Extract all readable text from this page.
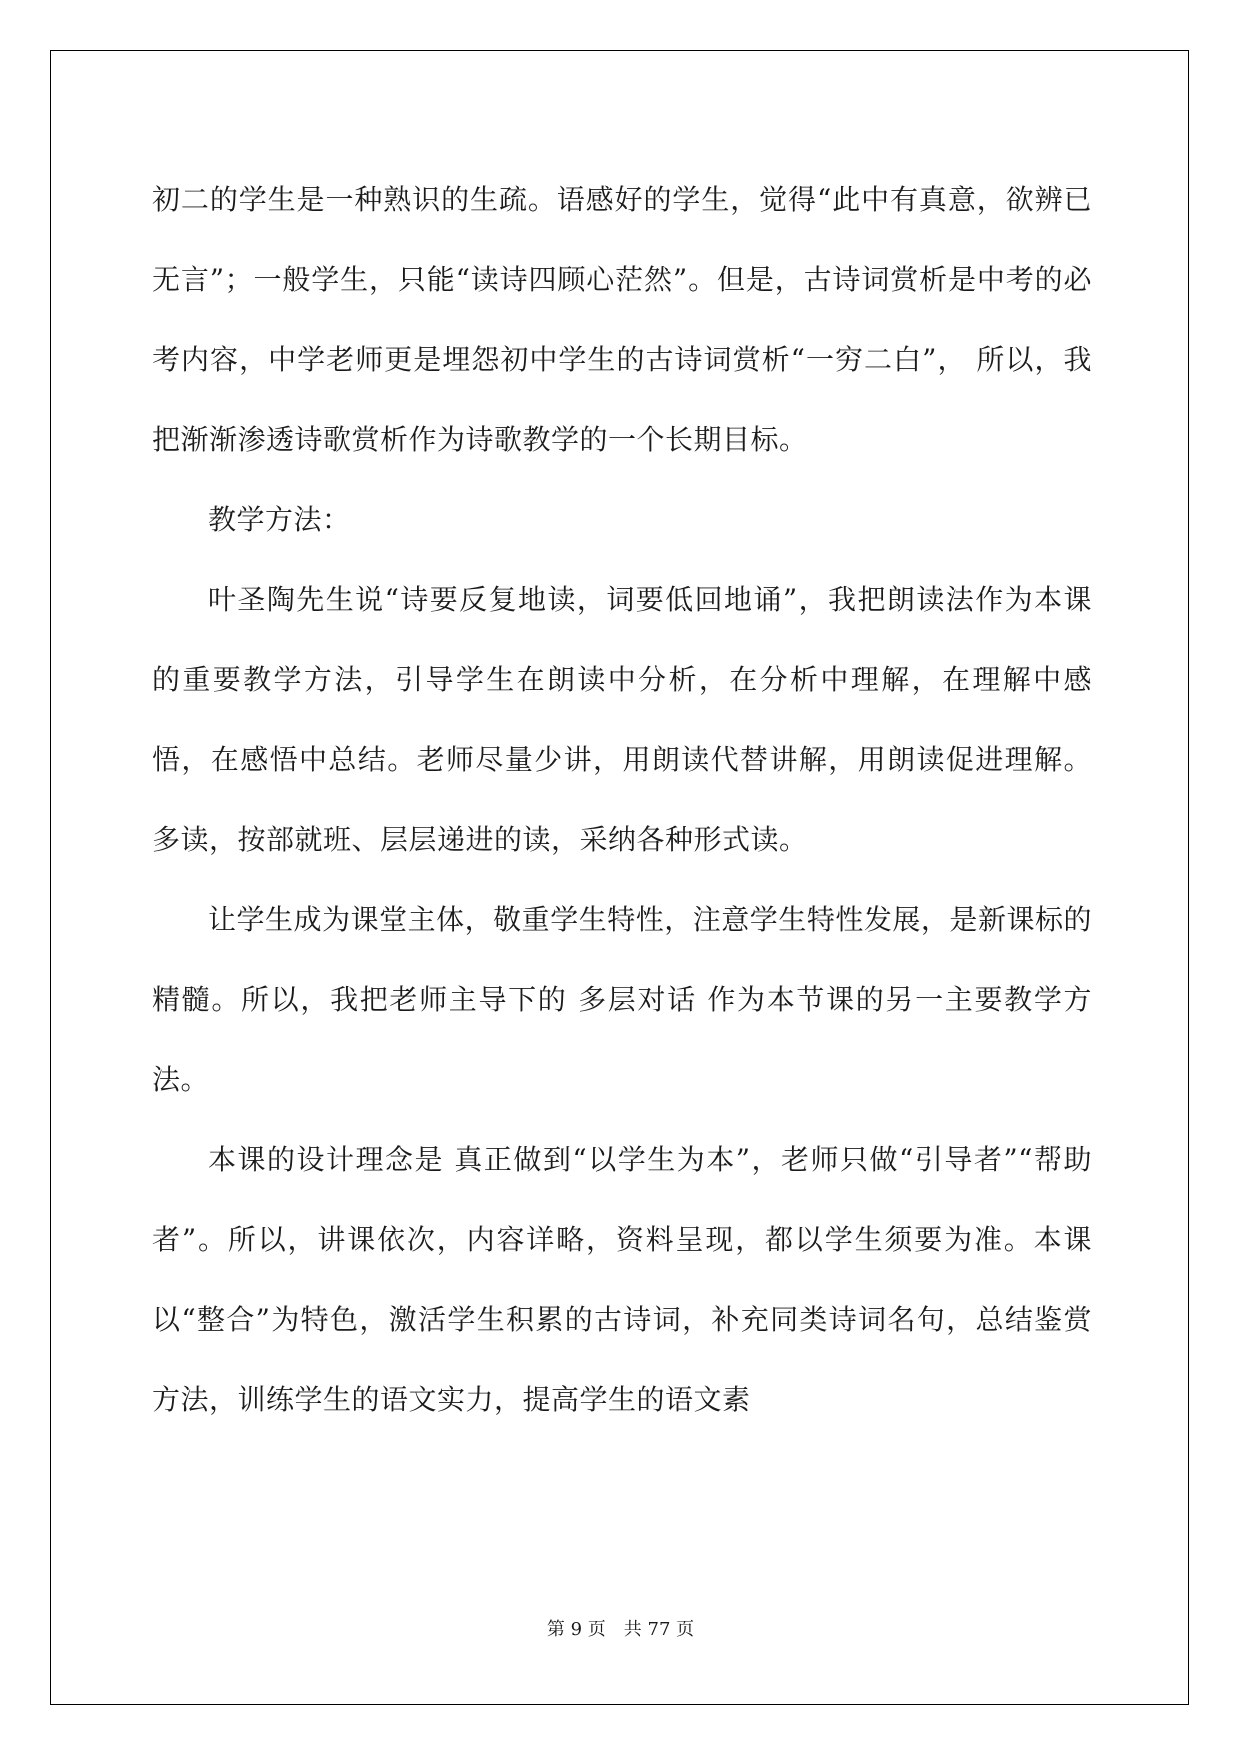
初二的学生是一种熟识的生疏。语感好的学生，觉得“此中有真意，欲辨已无言”；一般学生，只能“读诗四顾心茫然”。但是，古诗词赏析是中考的必考内容，中学老师更是埋怨初中学生的古诗词赏析“一穷二白”， 所以，我把渐渐渗透诗歌赏析作为诗歌教学的一个长期目标。

教学方法：

叶圣陶先生说“诗要反复地读，词要低回地诵”，我把朗读法作为本课的重要教学方法，引导学生在朗读中分析，在分析中理解，在理解中感悟，在感悟中总结。老师尽量少讲，用朗读代替讲解，用朗读促进理解。多读，按部就班、层层递进的读，采纳各种形式读。

让学生成为课堂主体，敬重学生特性，注意学生特性发展，是新课标的精髓。所以，我把老师主导下的 多层对话 作为本节课的另一主要教学方法。

本课的设计理念是 真正做到“以学生为本”，老师只做“引导者”“帮助者”。所以，讲课依次，内容详略，资料呈现，都以学生须要为准。本课以“整合”为特色，激活学生积累的古诗词，补充同类诗词名句，总结鉴赏方法，训练学生的语文实力，提高学生的语文素

第 9 页 共 77 页
